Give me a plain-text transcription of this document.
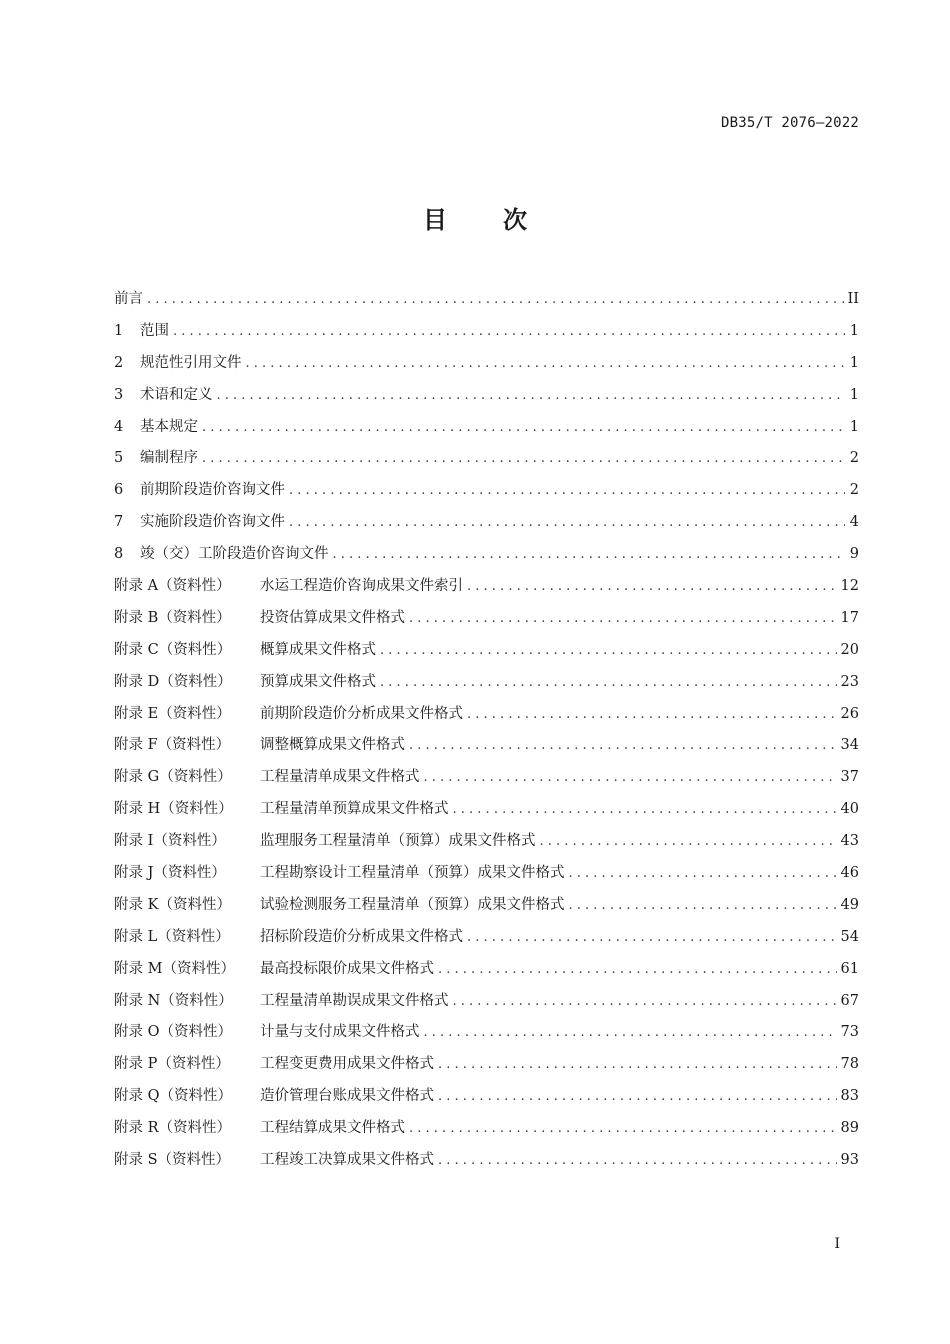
DB35/T 2076—2022
目 次
前言 . . .	II
1	范围 . . .	1
2	规范性引用文件 . . .	1
3	术语和定义 . . .	1
4	基本规定 . . .	1
5	编制程序 . . .	2
6	前期阶段造价咨询文件 . . .	2
7	实施阶段造价咨询文件 . . .	4
8	竣（交）工阶段造价咨询文件 . . .	9
附录 A（资料性）	水运工程造价咨询成果文件索引 . . .	12
附录 B（资料性）	投资估算成果文件格式 . . .	17
附录 C（资料性）	概算成果文件格式 . . .	20
附录 D（资料性）	预算成果文件格式 . . .	23
附录 E（资料性）	前期阶段造价分析成果文件格式 . . .	26
附录 F（资料性）	调整概算成果文件格式 . . .	34
附录 G（资料性）	工程量清单成果文件格式 . . .	37
附录 H（资料性）	工程量清单预算成果文件格式 . . .	40
附录 I（资料性）	监理服务工程量清单（预算）成果文件格式 . . .	43
附录 J（资料性）	工程勘察设计工程量清单（预算）成果文件格式 . . .	46
附录 K（资料性）	试验检测服务工程量清单（预算）成果文件格式 . . .	49
附录 L（资料性）	招标阶段造价分析成果文件格式 . . .	54
附录 M（资料性）	最高投标限价成果文件格式 . . .	61
附录 N（资料性）	工程量清单勘误成果文件格式 . . .	67
附录 O（资料性）	计量与支付成果文件格式 . . .	73
附录 P（资料性）	工程变更费用成果文件格式 . . .	78
附录 Q（资料性）	造价管理台账成果文件格式 . . .	83
附录 R（资料性）	工程结算成果文件格式 . . .	89
附录 S（资料性）	工程竣工决算成果文件格式 . . .	93
I
